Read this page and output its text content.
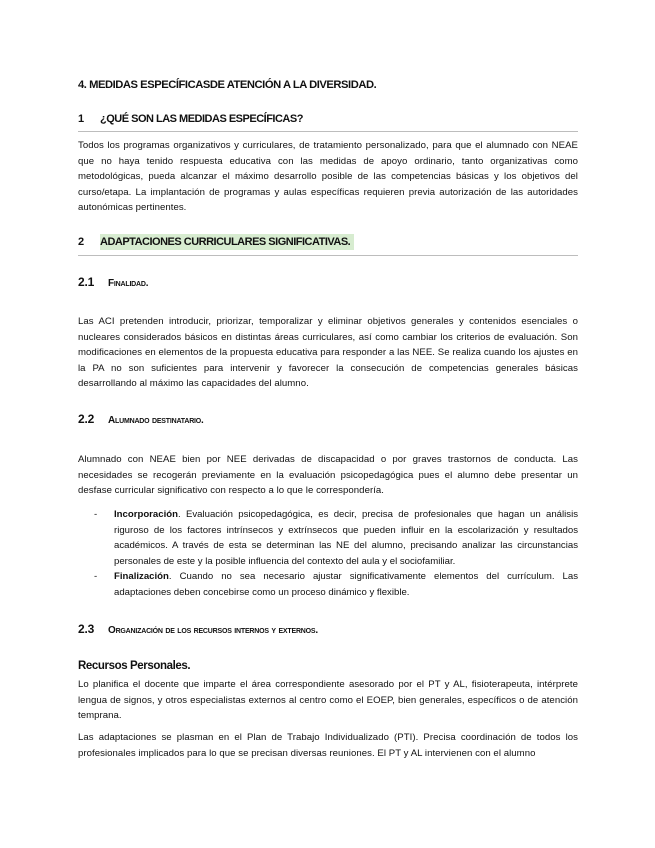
4. MEDIDAS ESPECÍFICASDE ATENCIÓN A LA DIVERSIDAD.
1 ¿QUÉ SON LAS MEDIDAS ESPECÍFICAS?

Todos los programas organizativos y curriculares, de tratamiento personalizado, para que el alumnado con NEAE que no haya tenido respuesta educativa con las medidas de apoyo ordinario, tanto organizativas como metodológicas, pueda alcanzar el máximo desarrollo posible de las competencias básicas y los objetivos del curso/etapa. La implantación de programas y aulas específicas requieren previa autorización de las autoridades autonómicas pertinentes.

2 ADAPTACIONES CURRICULARES SIGNIFICATIVAS.
2.1 Finalidad.

Las ACI pretenden introducir, priorizar, temporalizar y eliminar objetivos generales y contenidos esenciales o nucleares considerados básicos en distintas áreas curriculares, así como cambiar los criterios de evaluación. Son modificaciones en elementos de la propuesta educativa para responder a las NEE. Se realiza cuando los ajustes en la PA no son suficientes para intervenir y favorecer la consecución de competencias generales básicas desarrollando al máximo las capacidades del alumno.

2.2 Alumnado destinatario.

Alumnado con NEAE bien por NEE derivadas de discapacidad o por graves trastornos de conducta. Las necesidades se recogerán previamente en la evaluación psicopedagógica pues el alumno debe presentar un desfase curricular significativo con respecto a lo que le correspondería.

- Incorporación. Evaluación psicopedagógica, es decir, precisa de profesionales que hagan un análisis riguroso de los factores intrínsecos y extrínsecos que pueden influir en la escolarización y resultados académicos. A través de esta se determinan las NE del alumno, precisando analizar las circunstancias personales de este y la posible influencia del contexto del aula y el sociofamiliar.
- Finalización. Cuando no sea necesario ajustar significativamente elementos del currículum. Las adaptaciones deben concebirse como un proceso dinámico y flexible.
2.3 Organización de los recursos internos y externos.
Recursos Personales.

Lo planifica el docente que imparte el área correspondiente asesorado por el PT y AL, fisioterapeuta, intérprete lengua de signos, y otros especialistas externos al centro como el EOEP, bien generales, específicos o de atención temprana.

Las adaptaciones se plasman en el Plan de Trabajo Individualizado (PTI). Precisa coordinación de todos los profesionales implicados para lo que se precisan diversas reuniones. El PT y AL intervienen con el alumno
